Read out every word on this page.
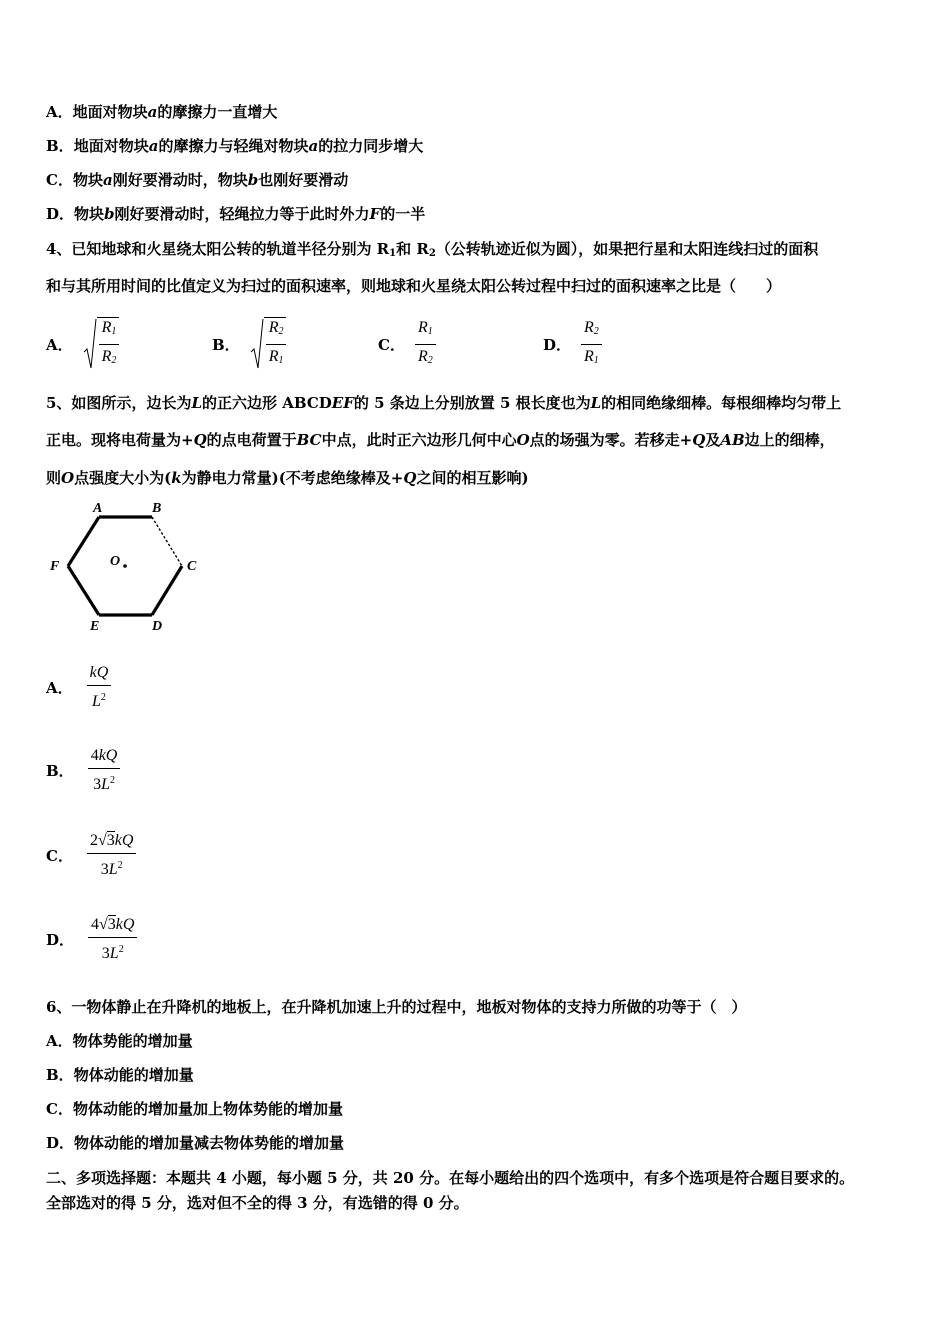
A．地面对物块a的摩擦力一直增大
B．地面对物块a的摩擦力与轻绳对物块a的拉力同步增大
C．物块a刚好要滑动时，物块b也刚好要滑动
D．物块b刚好要滑动时，轻绳拉力等于此时外力F的一半
4、已知地球和火星绕太阳公转的轨道半径分别为 $R_1$和 $R_2$（公转轨迹近似为圆），如果把行星和太阳连线扫过的面积
和与其所用时间的比值定义为扫过的面积速率，则地球和火星绕太阳公转过程中扫过的面积速率之比是（　　）
A． $\frac{R_1}{R_2}$	B． $\frac{R_2}{R_1}$	C． $\frac{R_1}{R_2}$	D． $\frac{R_2}{R_1}$
5、如图所示，边长为L的正六边形 ABCDEF的 5 条边上分别放置 5 根长度也为L的相同绝缘细棒。每根细棒均匀带上
正电。现将电荷量为+Q的点电荷置于BC中点，此时正六边形几何中心O点的场强为零。若移走+Q及AB边上的细棒，
则O点强度大小为(k为静电力常量)(不考虑绝缘棒及+Q之间的相互影响)
A	B
C
D
E
F	O
A． $\frac{kQ}{L^2}$
B． $\frac{4kQ}{3L^2}$
C． $\frac{2√3kQ}{3L^2}$
D． $\frac{4√3kQ}{3L^2}$
6、一物体静止在升降机的地板上，在升降机加速上升的过程中，地板对物体的支持力所做的功等于（　）
A．物体势能的增加量
B．物体动能的增加量
C．物体动能的增加量加上物体势能的增加量
D．物体动能的增加量减去物体势能的增加量
二、多项选择题：本题共 4 小题，每小题 5 分，共 20 分。在每小题给出的四个选项中，有多个选项是符合题目要求的。
全部选对的得 5 分，选对但不全的得 3 分，有选错的得 0 分。
